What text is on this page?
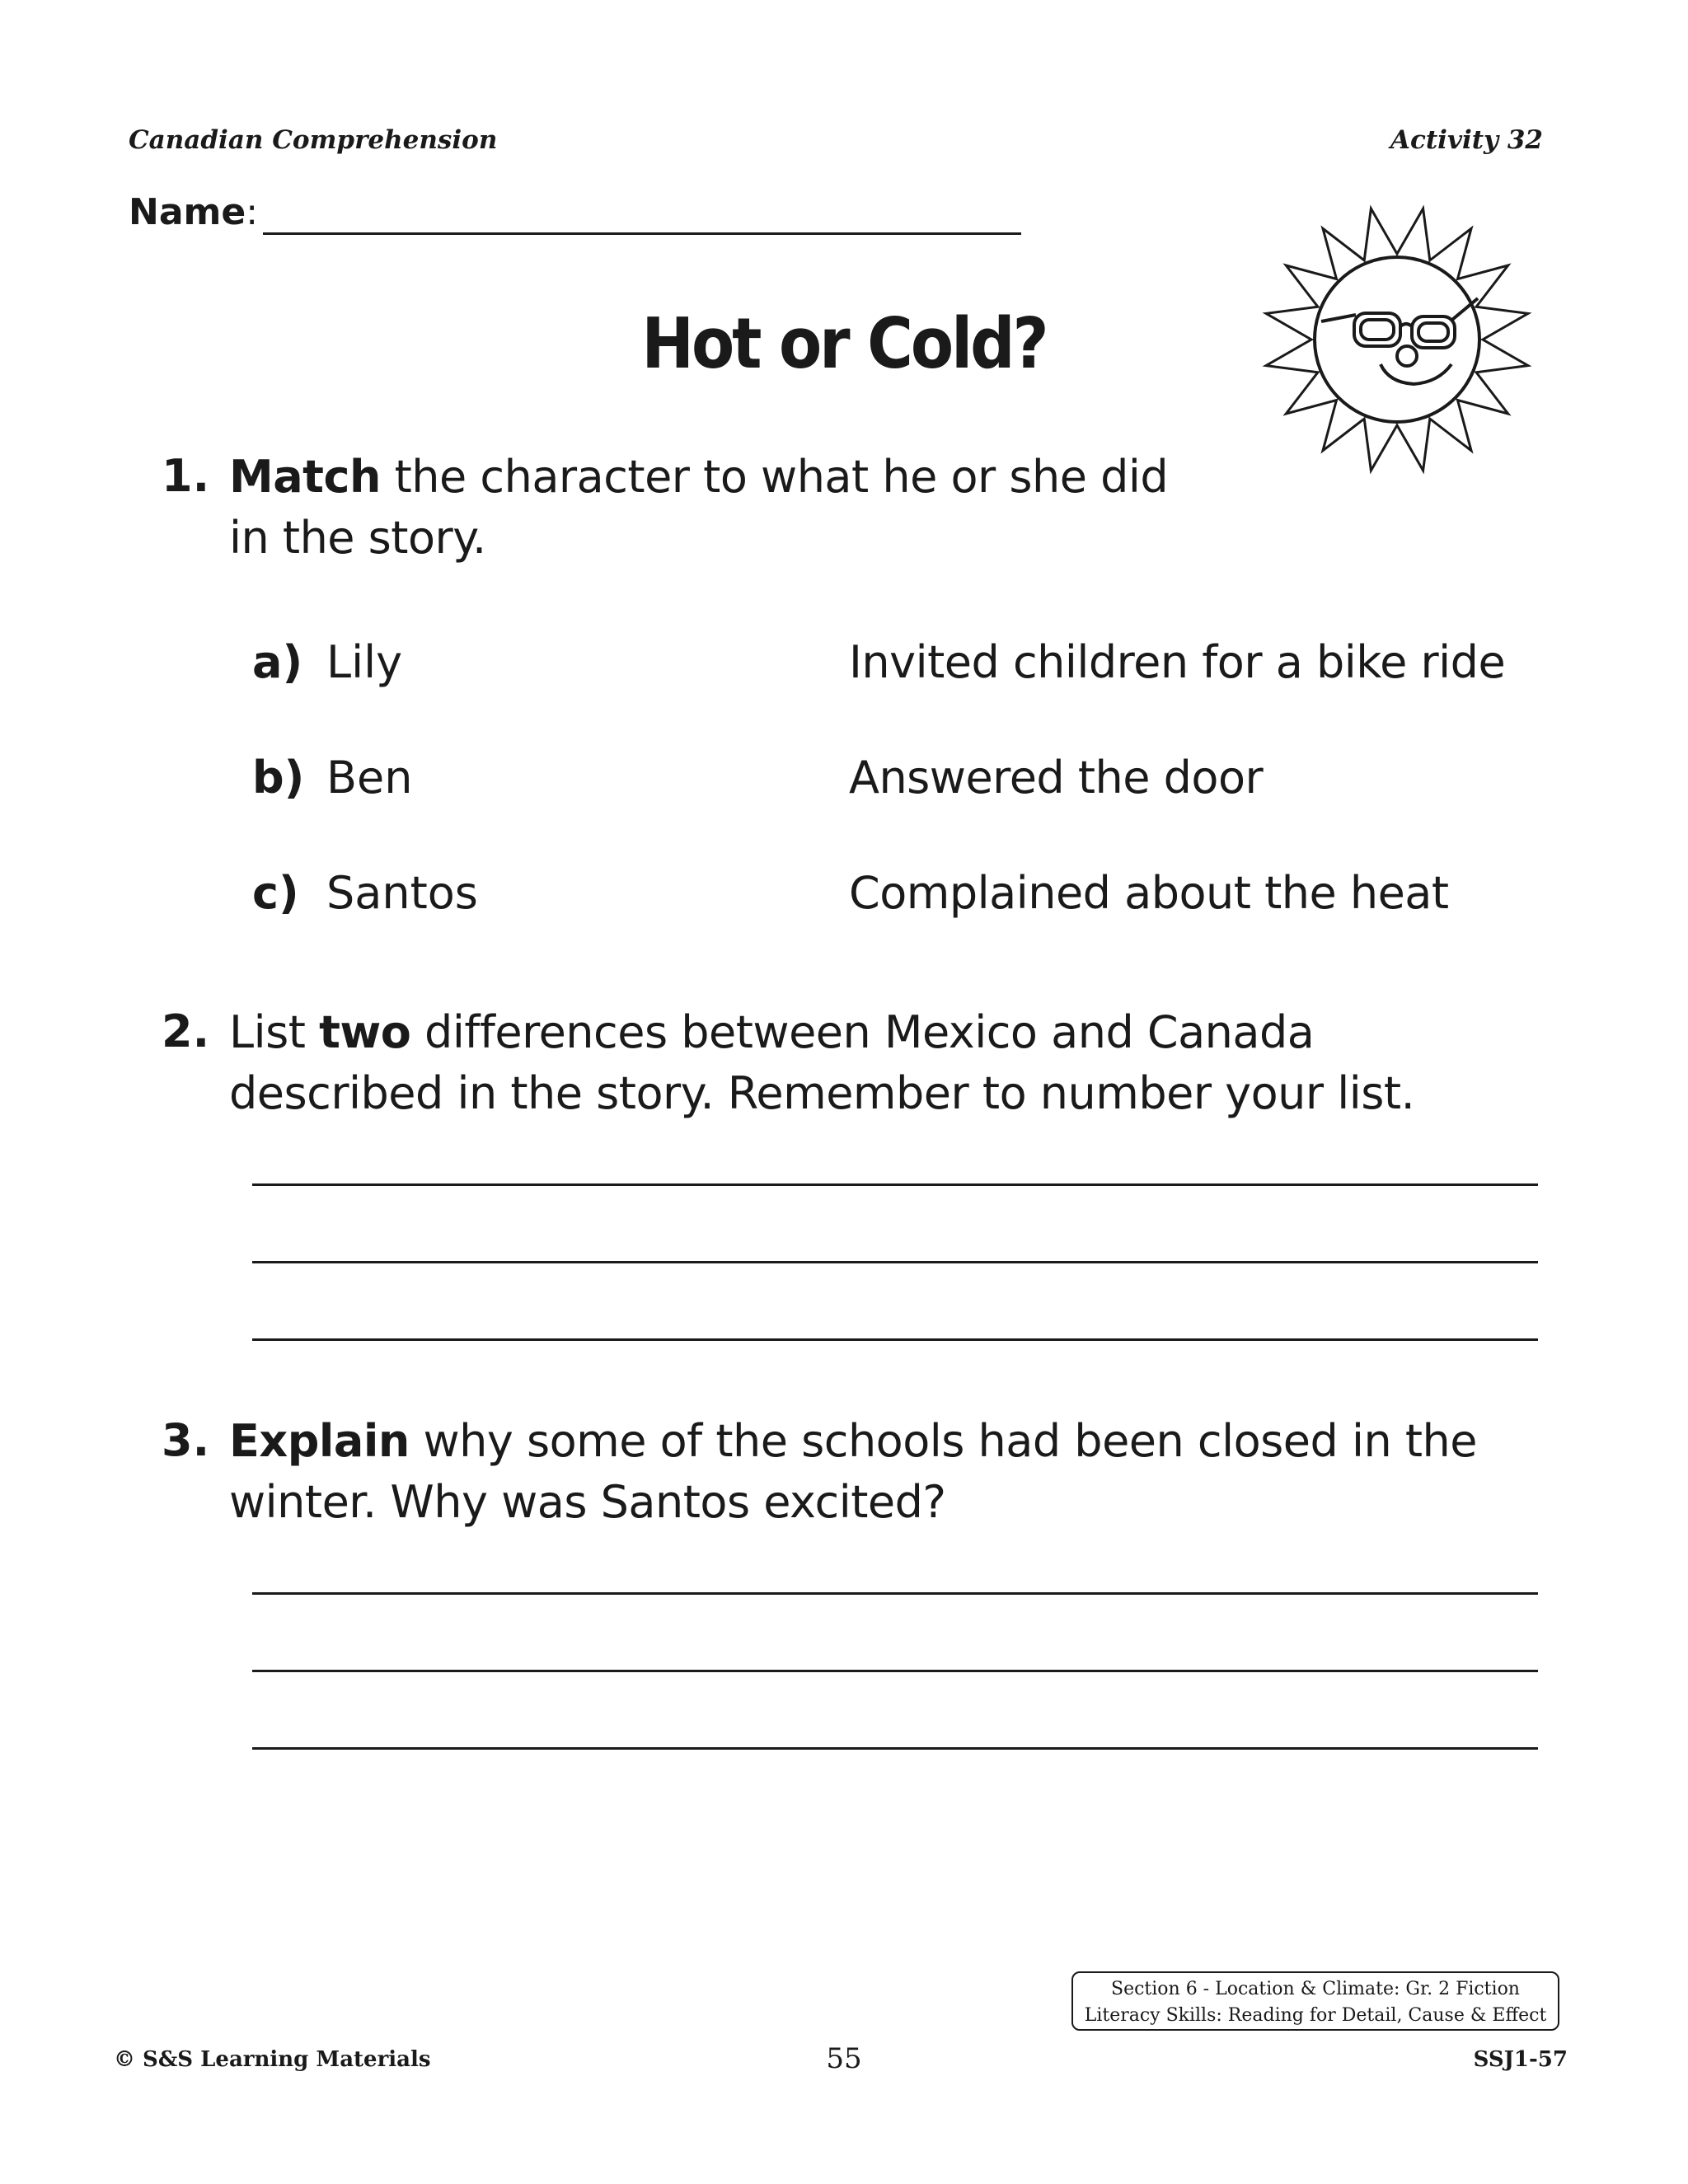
Canadian Comprehension	Activity 32
Name:
Hot or Cold?
1. Match the character to what he or she did
in the story.
a) Lily	Invited children for a bike ride
b) Ben	Answered the door
c) Santos	Complained about the heat
2. List two differences between Mexico and Canada
described in the story. Remember to number your list.
3. Explain why some of the schools had been closed in the
winter. Why was Santos excited?
Section 6 - Location & Climate: Gr. 2 Fiction
Literacy Skills: Reading for Detail, Cause & Effect
© S&S Learning Materials	55	SSJ1-57
